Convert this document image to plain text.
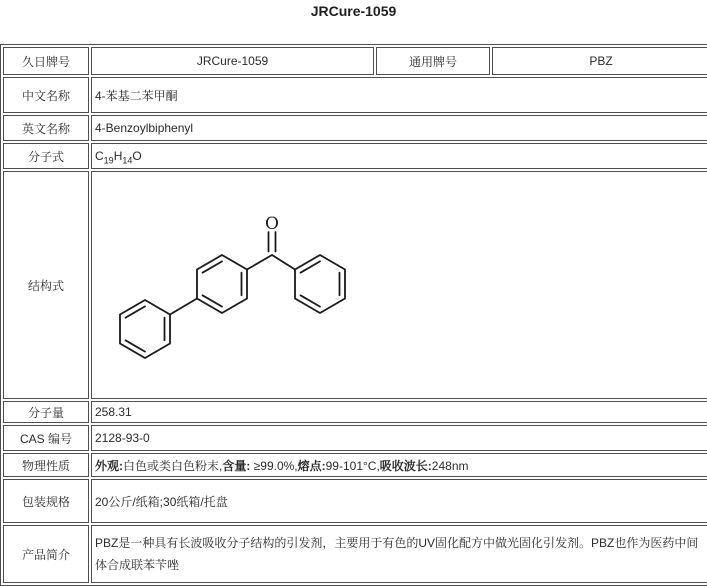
JRCure-1059
久日牌号	JRCure-1059	通用牌号	PBZ
中文名称	4-苯基二苯甲酮		
英文名称	4-Benzoylbiphenyl		
分子式	$C_{19}H_{14}O$		
结构式	O		

分子量	258.31		
CAS 编号	2128-93-0		
物理性质	外观:白色或类白色粉末,含量: ≥99.0%,熔点:99-101°C,吸收波长:248nm		
包装规格	20公斤/纸箱;30纸箱/托盘		
产品简介	PBZ是一种具有长波吸收分子结构的引发剂，主要用于有色的UV固化配方中做光固化引发剂。PBZ也作为医药中间体合成联苯苄唑		
